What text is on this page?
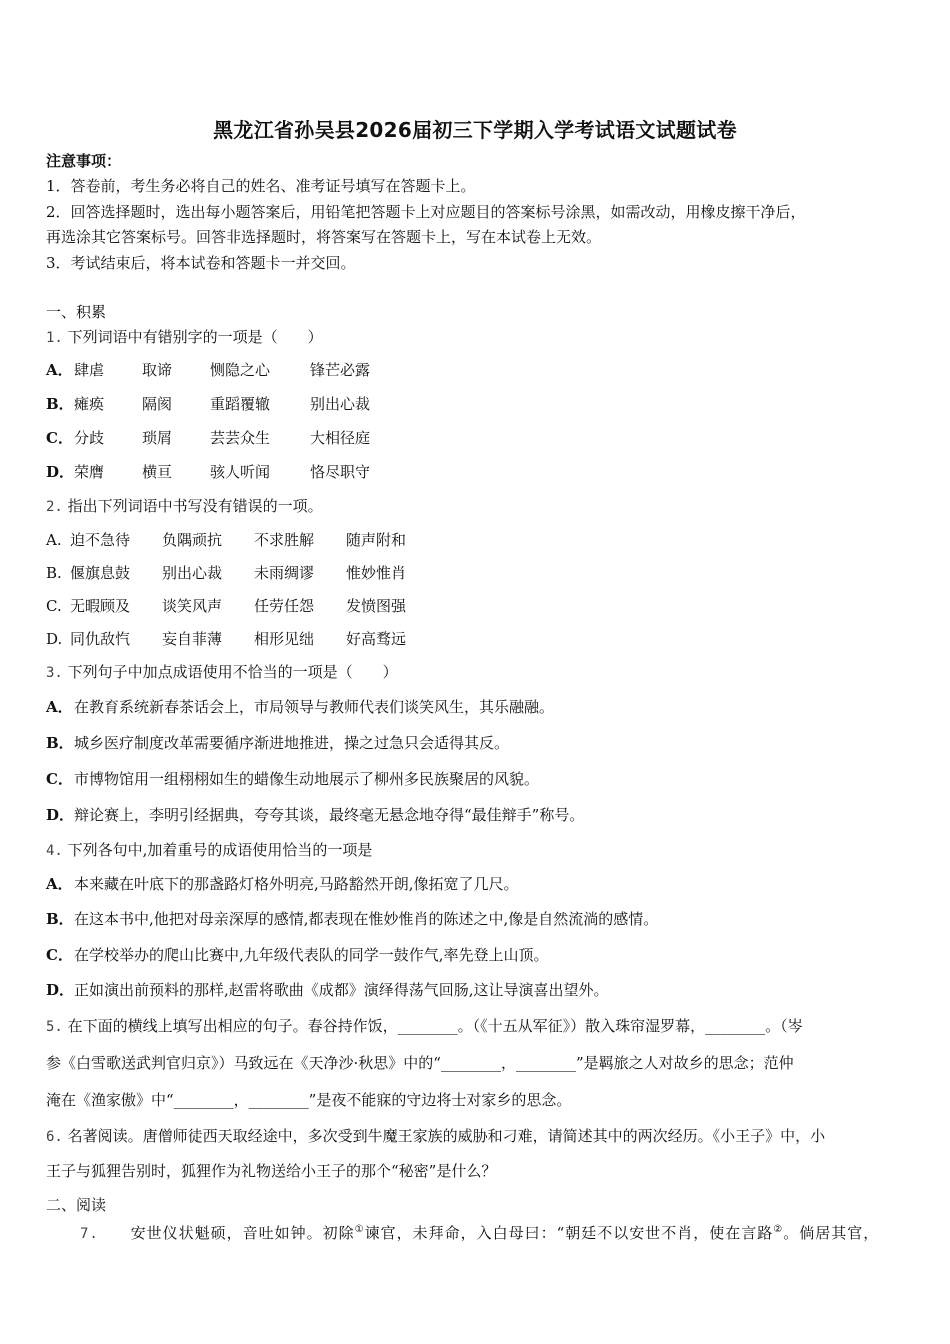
黑龙江省孙吴县2026届初三下学期入学考试语文试题试卷
注意事项：
1．答卷前，考生务必将自己的姓名、准考证号填写在答题卡上。
2．回答选择题时，选出每小题答案后，用铅笔把答题卡上对应题目的答案标号涂黑，如需改动，用橡皮擦干净后，
再选涂其它答案标号。回答非选择题时，将答案写在答题卡上，写在本试卷上无效。
3．考试结束后，将本试卷和答题卡一并交回。
一、积累
1. 下列词语中有错别字的一项是（　　）
A．肆虐	取谛	恻隐之心	锋芒必露
B．瘫痪	隔阂	重蹈覆辙	别出心裁
C．分歧	琐屑	芸芸众生	大相径庭
D．荣膺	横亘	骇人听闻	恪尽职守
2. 指出下列词语中书写没有错误的一项。
A. 迫不急待 负隅顽抗 不求胜解 随声附和
B. 偃旗息鼓 别出心裁 未雨绸谬 惟妙惟肖
C. 无暇顾及 谈笑风声 任劳任怨 发愤图强
D. 同仇敌忾 妄自菲薄 相形见绌 好高骛远
3. 下列句子中加点成语使用不恰当的一项是（　　）
A．在教育系统新春茶话会上，市局领导与教师代表们谈笑风生，其乐融融。
B．城乡医疗制度改革需要循序渐进地推进，操之过急只会适得其反。
C．市博物馆用一组栩栩如生的蜡像生动地展示了柳州多民族聚居的风貌。
D．辩论赛上，李明引经据典，夸夸其谈，最终毫无悬念地夺得“最佳辩手”称号。
4. 下列各句中,加着重号的成语使用恰当的一项是
A．本来藏在叶底下的那盏路灯格外明亮,马路豁然开朗,像拓宽了几尺。
B．在这本书中,他把对母亲深厚的感情,都表现在惟妙惟肖的陈述之中,像是自然流淌的感情。
C．在学校举办的爬山比赛中,九年级代表队的同学一鼓作气,率先登上山顶。
D．正如演出前预料的那样,赵雷将歌曲《成都》演绎得荡气回肠,这让导演喜出望外。
5. 在下面的横线上填写出相应的句子。春谷持作饭，________。（《十五从军征》）散入珠帘湿罗幕，________。（岑
参《白雪歌送武判官归京》）马致远在《天净沙·秋思》中的“________，________”是羁旅之人对故乡的思念；范仲
淹在《渔家傲》中“________，________”是夜不能寐的守边将士对家乡的思念。
6. 名著阅读。唐僧师徒西天取经途中，多次受到牛魔王家族的威胁和刁难，请简述其中的两次经历。《小王子》中，小
王子与狐狸告别时，狐狸作为礼物送给小王子的那个“秘密”是什么？
二、阅读
7. 安世仪状魁硕，音吐如钟。初除①谏官，未拜命，入白母曰：“朝廷不以安世不肖，使在言路②。倘居其官，
